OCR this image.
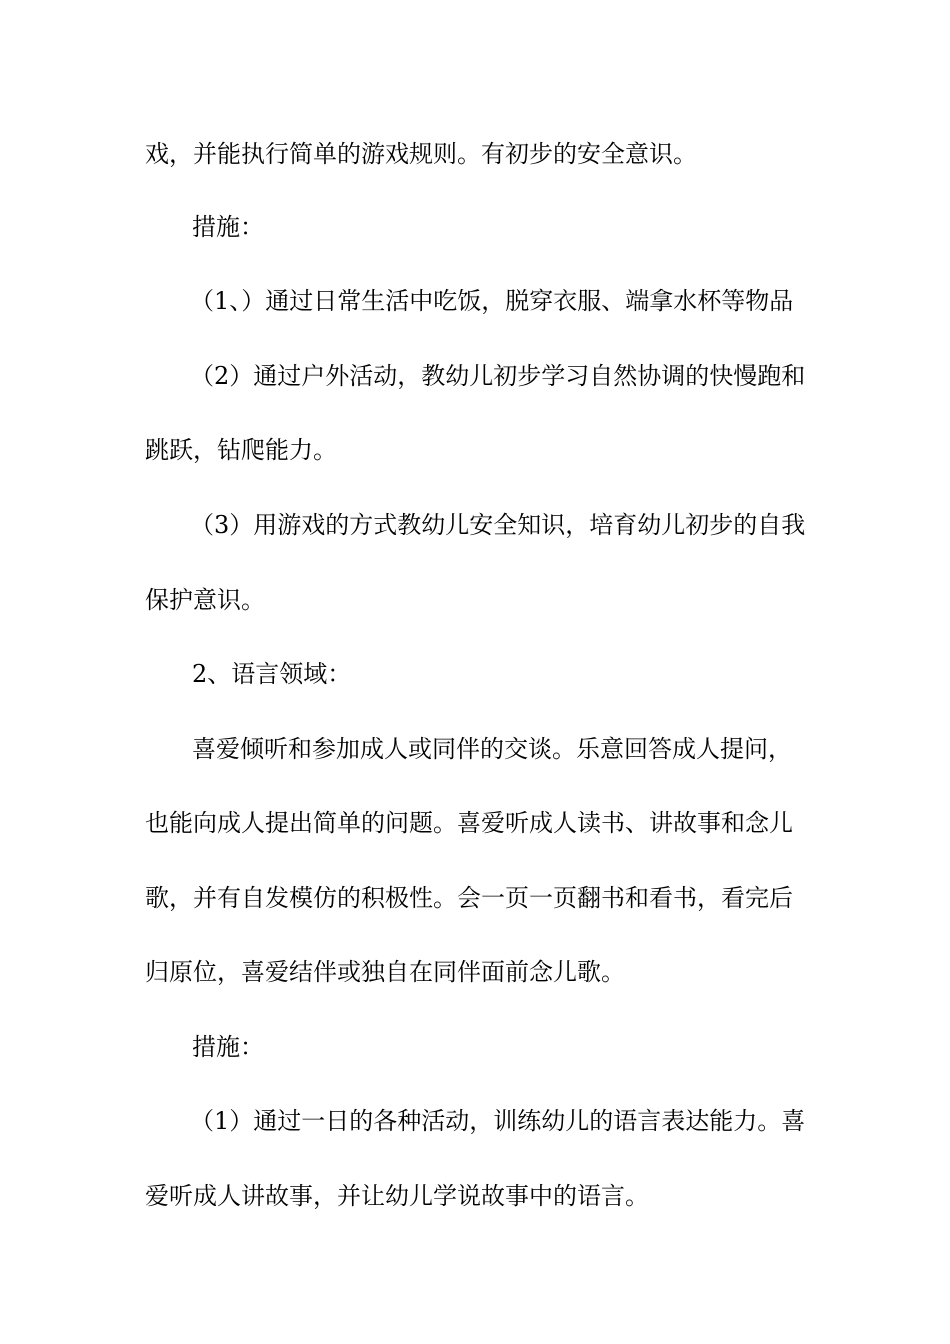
戏，并能执行简单的游戏规则。有初步的安全意识。
措施：
（1、）通过日常生活中吃饭，脱穿衣服、端拿水杯等物品
（2）通过户外活动，教幼儿初步学习自然协调的快慢跑和
跳跃，钻爬能力。
（3）用游戏的方式教幼儿安全知识，培育幼儿初步的自我
保护意识。
2、语言领域：
喜爱倾听和参加成人或同伴的交谈。乐意回答成人提问，
也能向成人提出简单的问题。喜爱听成人读书、讲故事和念儿
歌，并有自发模仿的积极性。会一页一页翻书和看书，看完后
归原位，喜爱结伴或独自在同伴面前念儿歌。
措施：
（1）通过一日的各种活动，训练幼儿的语言表达能力。喜
爱听成人讲故事，并让幼儿学说故事中的语言。
